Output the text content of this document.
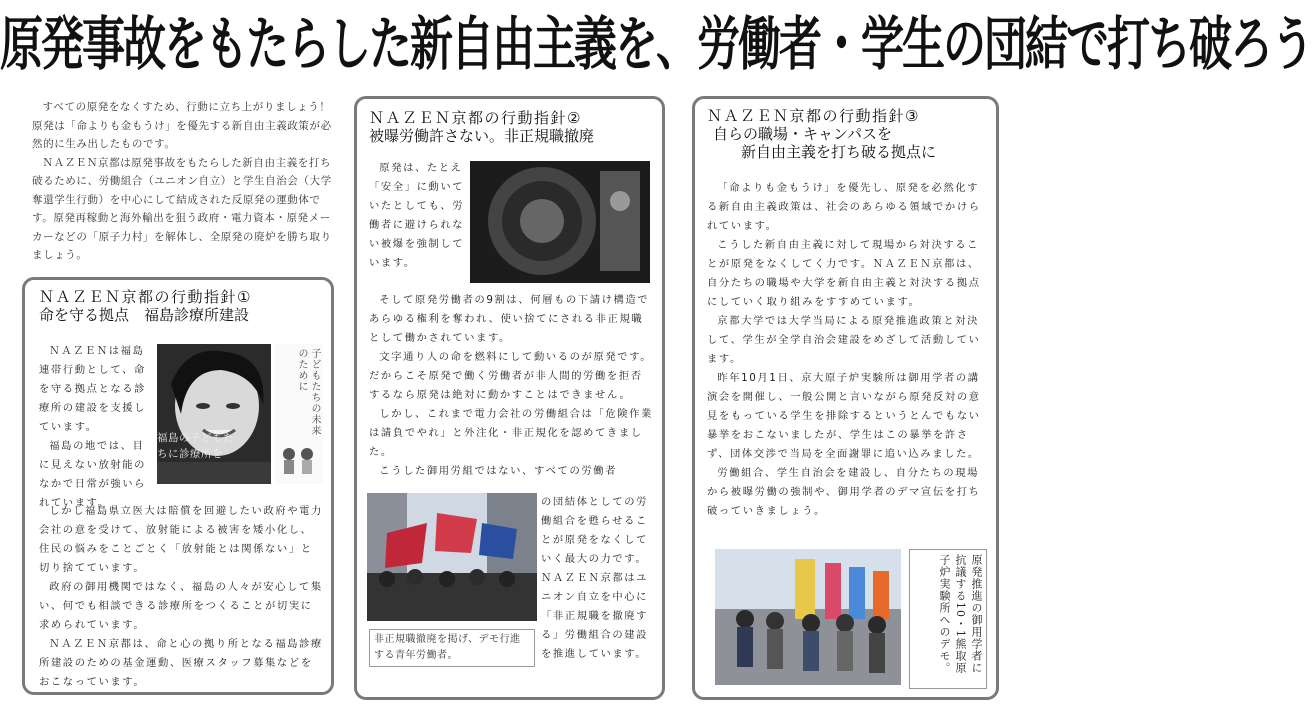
原発事故をもたらした新自由主義を、労働者・学生の団結で打ち破ろう

すべての原発をなくすため、行動に立ち上がりましょう！　原発は「命よりも金もうけ」を優先する新自由主義政策が必然的に生み出したものです。

ＮＡＺＥＮ京都は原発事故をもたらした新自由主義を打ち破るために、労働組合（ユニオン自立）と学生自治会（大学奪還学生行動）を中心にして結成された反原発の運動体です。原発再稼動と海外輸出を狙う政府・電力資本・原発メーカーなどの「原子力村」を解体し、全原発の廃炉を勝ち取りましょう。

ＮＡＺＥＮ京都の行動指針①
命を守る拠点　福島診療所建設

ＮＡＺＥＮは福島連帯行動として、命を守る拠点となる診療所の建設を支援しています。

福島の地では、目に見えない放射能のなかで日常が強いられています。

福島の子どもたちに診療所を
子どもたちの未来のために

しかし福島県立医大は賠償を回避したい政府や電力会社の意を受けて、放射能による被害を矮小化し、住民の悩みをことごとく「放射能とは関係ない」と切り捨てています。

政府の御用機関ではなく、福島の人々が安心して集い、何でも相談できる診療所をつくることが切実に求められています。

ＮＡＺＥＮ京都は、命と心の拠り所となる福島診療所建設のための基金運動、医療スタッフ募集などをおこなっています。

ＮＡＺＥＮ京都の行動指針②
被曝労働許さない。非正規職撤廃

原発は、たとえ「安全」に動いていたとしても、労働者に避けられない被爆を強制しています。

そして原発労働者の9割は、何層もの下請け構造であらゆる権利を奪われ、使い捨てにされる非正規職として働かされています。

文字通り人の命を燃料にして動いるのが原発です。だからこそ原発で働く労働者が非人間的労働を拒否するなら原発は絶対に動かすことはできません。

しかし、これまで電力会社の労働組合は「危険作業は請負でやれ」と外注化・非正規化を認めてきました。

こうした御用労組ではない、すべての労働者

非正規職撤廃を掲げ、デモ行進する青年労働者。

の団結体としての労働組合を甦らせることが原発をなくしていく最大の力です。ＮＡＺＥＮ京都はユニオン自立を中心に「非正規職を撤廃する」労働組合の建設を推進しています。

ＮＡＺＥＮ京都の行動指針③
自らの職場・キャンパスを
新自由主義を打ち破る拠点に

「命よりも金もうけ」を優先し、原発を必然化する新自由主義政策は、社会のあらゆる領域でかけられています。

こうした新自由主義に対して現場から対決することが原発をなくしてく力です。ＮＡＺＥＮ京都は、自分たちの職場や大学を新自由主義と対決する拠点にしていく取り組みをすすめています。

京都大学では大学当局による原発推進政策と対決して、学生が全学自治会建設をめざして活動しています。

昨年10月1日、京大原子炉実験所は御用学者の講演会を開催し、一般公開と言いながら原発反対の意見をもっている学生を排除するというとんでもない暴挙をおこないましたが、学生はこの暴挙を許さず、団体交渉で当局を全面謝罪に追い込みました。

労働組合、学生自治会を建設し、自分たちの現場から被曝労働の強制や、御用学者のデマ宣伝を打ち破っていきましょう。

原発推進の御用学者に抗議する10・1熊取原子炉実験所へのデモ。
